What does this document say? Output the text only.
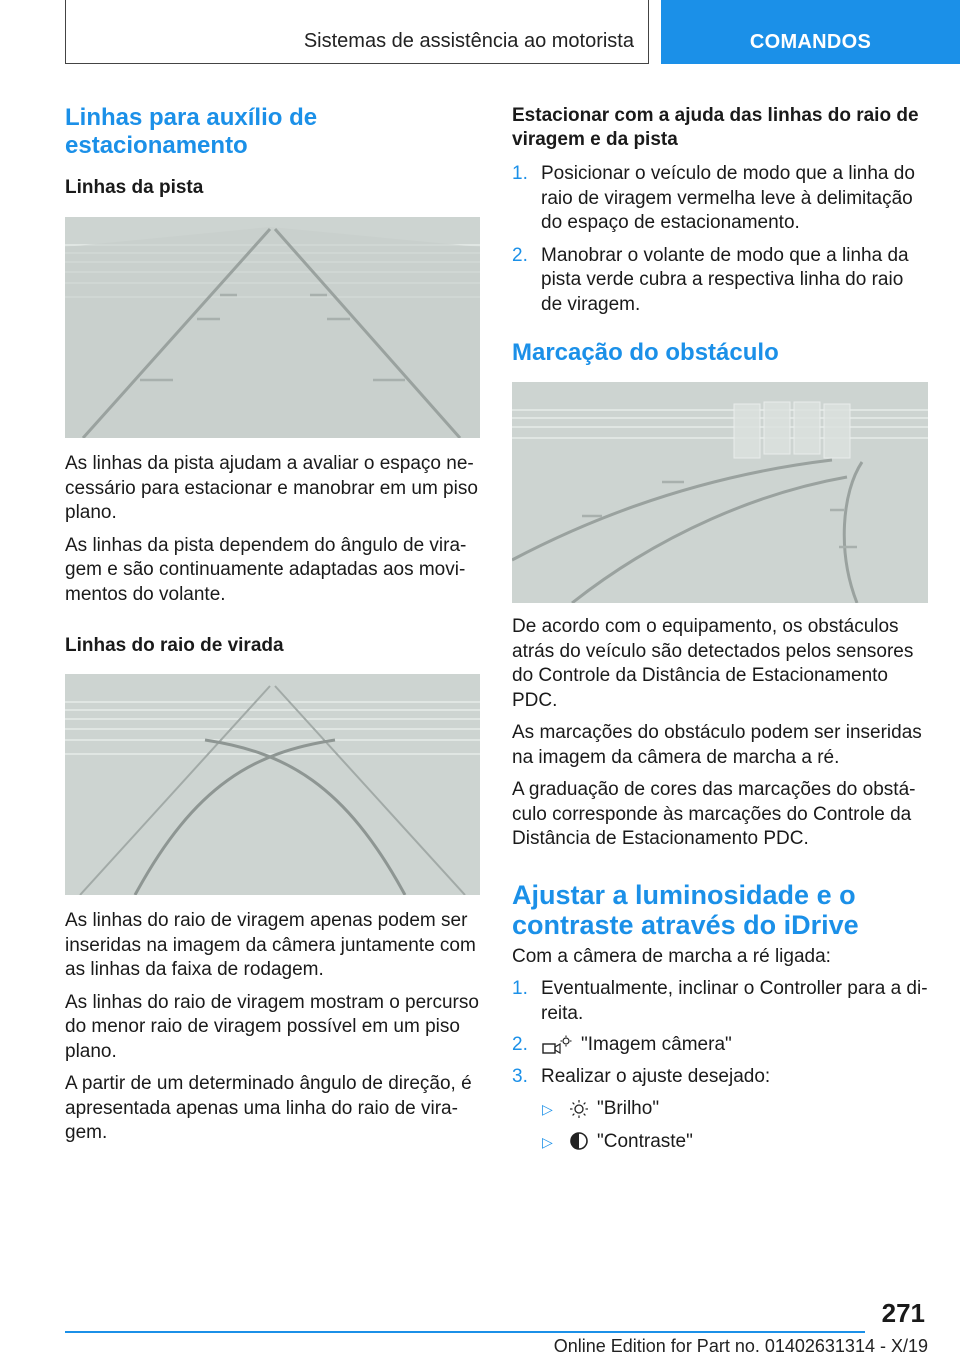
Sistemas de assistência ao motorista	COMANDOS
Linhas para auxílio de estacionamento
Linhas da pista

As linhas da pista ajudam a avaliar o espaço ne-cessário para estacionar e manobrar em um piso plano.

As linhas da pista dependem do ângulo de vira-gem e são continuamente adaptadas aos movi-mentos do volante.

Linhas do raio de virada

As linhas do raio de viragem apenas podem ser inseridas na imagem da câmera juntamente com as linhas da faixa de rodagem.

As linhas do raio de viragem mostram o percurso do menor raio de viragem possível em um piso plano.

A partir de um determinado ângulo de direção, é apresentada apenas uma linha do raio de vira-gem.

Estacionar com a ajuda das linhas do raio de viragem e da pista
1. Posicionar o veículo de modo que a linha do raio de viragem vermelha leve à delimitação do espaço de estacionamento.
2. Manobrar o volante de modo que a linha da pista verde cubra a respectiva linha do raio de viragem.
Marcação do obstáculo

De acordo com o equipamento, os obstáculos atrás do veículo são detectados pelos sensores do Controle da Distância de Estacionamento PDC.

As marcações do obstáculo podem ser inseridas na imagem da câmera de marcha a ré.

A graduação de cores das marcações do obstá-culo corresponde às marcações do Controle da Distância de Estacionamento PDC.

Ajustar a luminosidade e o contraste através do iDrive

Com a câmera de marcha a ré ligada:

1. Eventualmente, inclinar o Controller para a di-reita.
2.	"Imagem câmera"
3. Realizar o ajuste desejado:
▷ "Brilho"
▷ "Contraste"
271
Online Edition for Part no. 01402631314 - X/19
